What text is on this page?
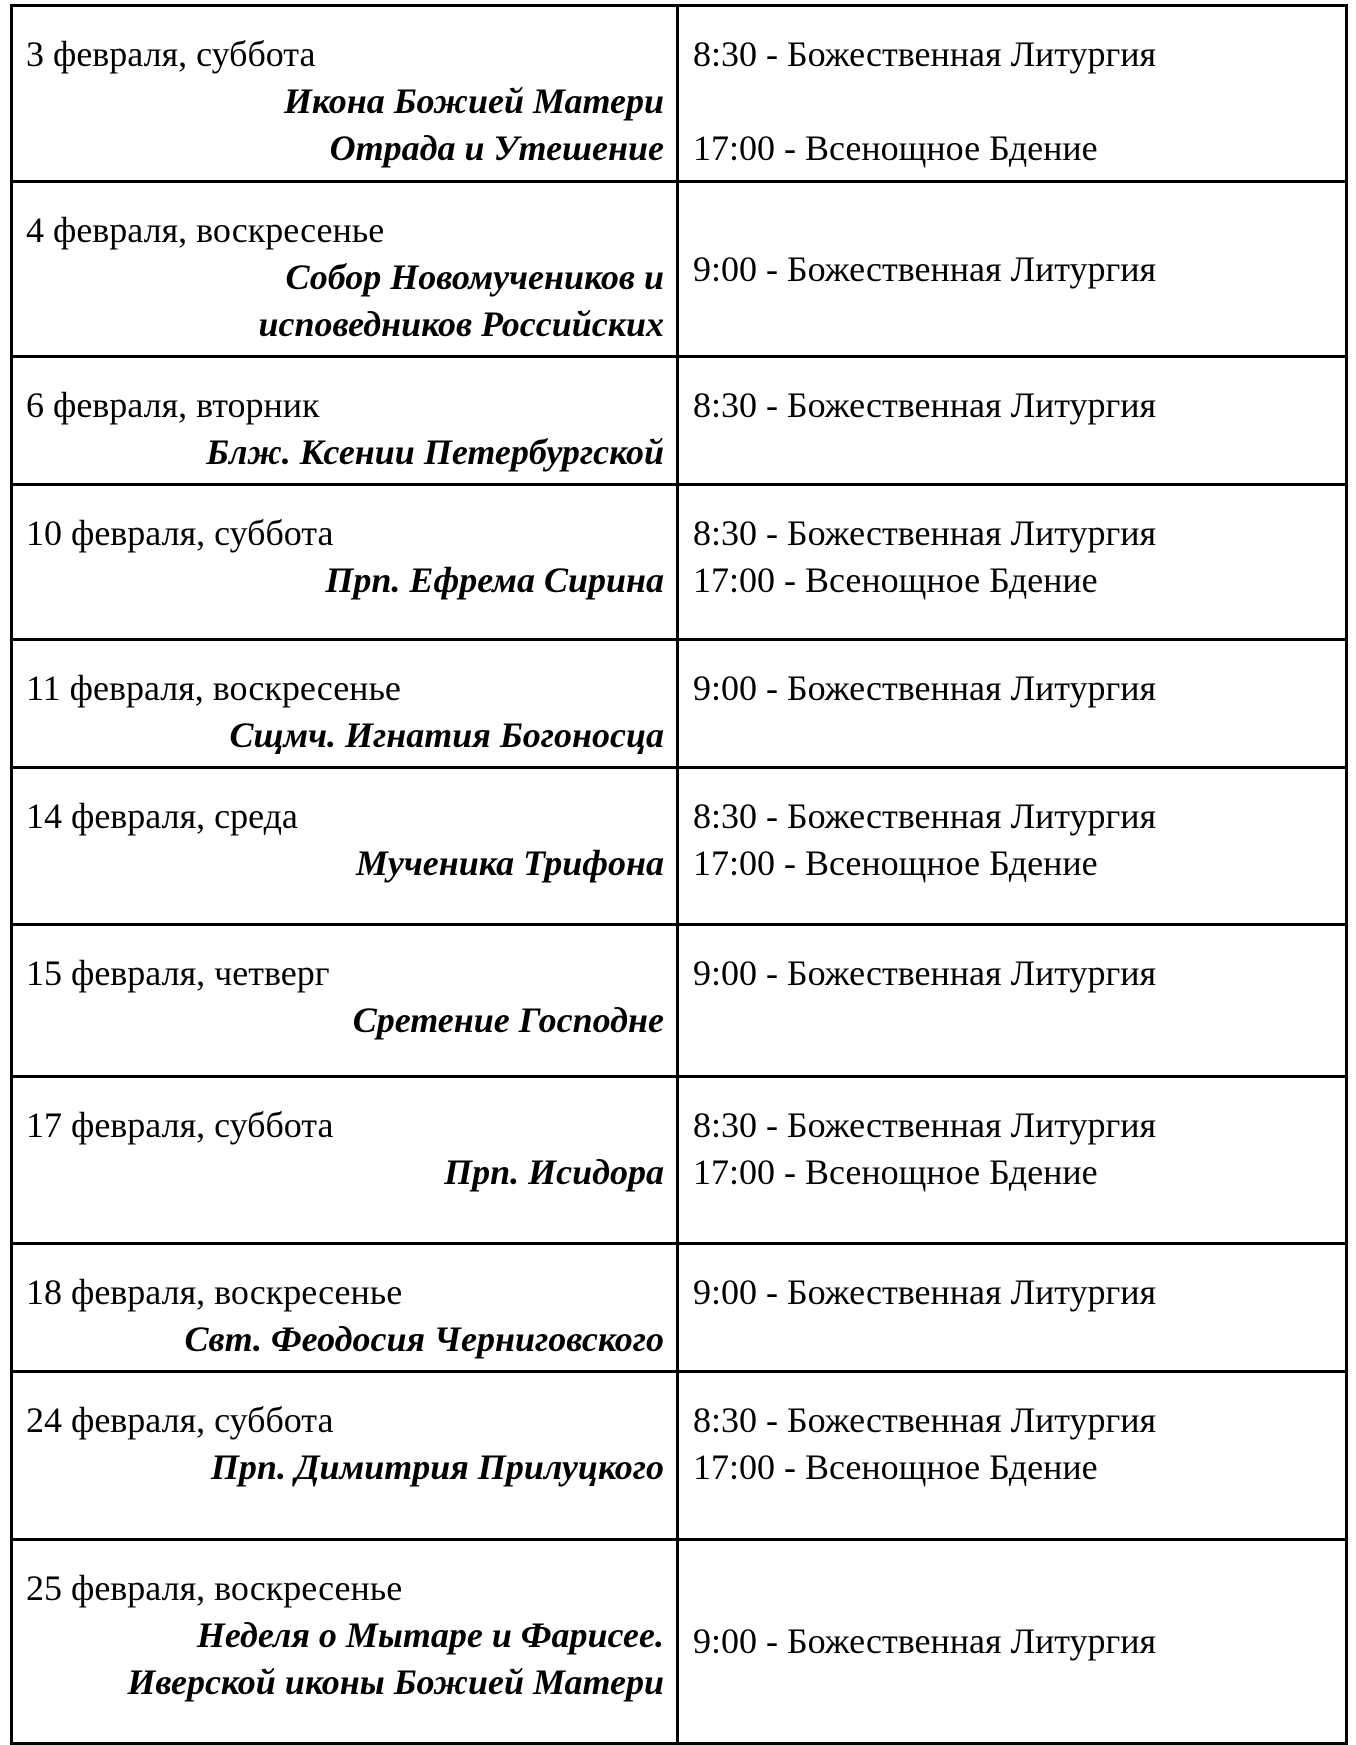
3 февраля, суббота
Икона Божией Матери
Отрада и Утешение	8:30 - Божественная Литургия
17:00 - Всенощное Бдение

4 февраля, воскресенье
Собор Новомучеников и
исповедников Российских	9:00 - Божественная Литургия

6 февраля, вторник
Блж. Ксении Петербургской	8:30 - Божественная Литургия

10 февраля, суббота
Прп. Ефрема Сирина	8:30 - Божественная Литургия
17:00 - Всенощное Бдение

11 февраля, воскресенье
Сщмч. Игнатия Богоносца	9:00 - Божественная Литургия

14 февраля, среда
Мученика Трифона	8:30 - Божественная Литургия
17:00 - Всенощное Бдение

15 февраля, четверг
Сретение Господне	9:00 - Божественная Литургия

17 февраля, суббота
Прп. Исидора	8:30 - Божественная Литургия
17:00 - Всенощное Бдение

18 февраля, воскресенье
Свт. Феодосия Черниговского	9:00 - Божественная Литургия

24 февраля, суббота
Прп. Димитрия Прилуцкого	8:30 - Божественная Литургия
17:00 - Всенощное Бдение

25 февраля, воскресенье
Неделя о Мытаре и Фарисее.
Иверской иконы Божией Матери	9:00 - Божественная Литургия
